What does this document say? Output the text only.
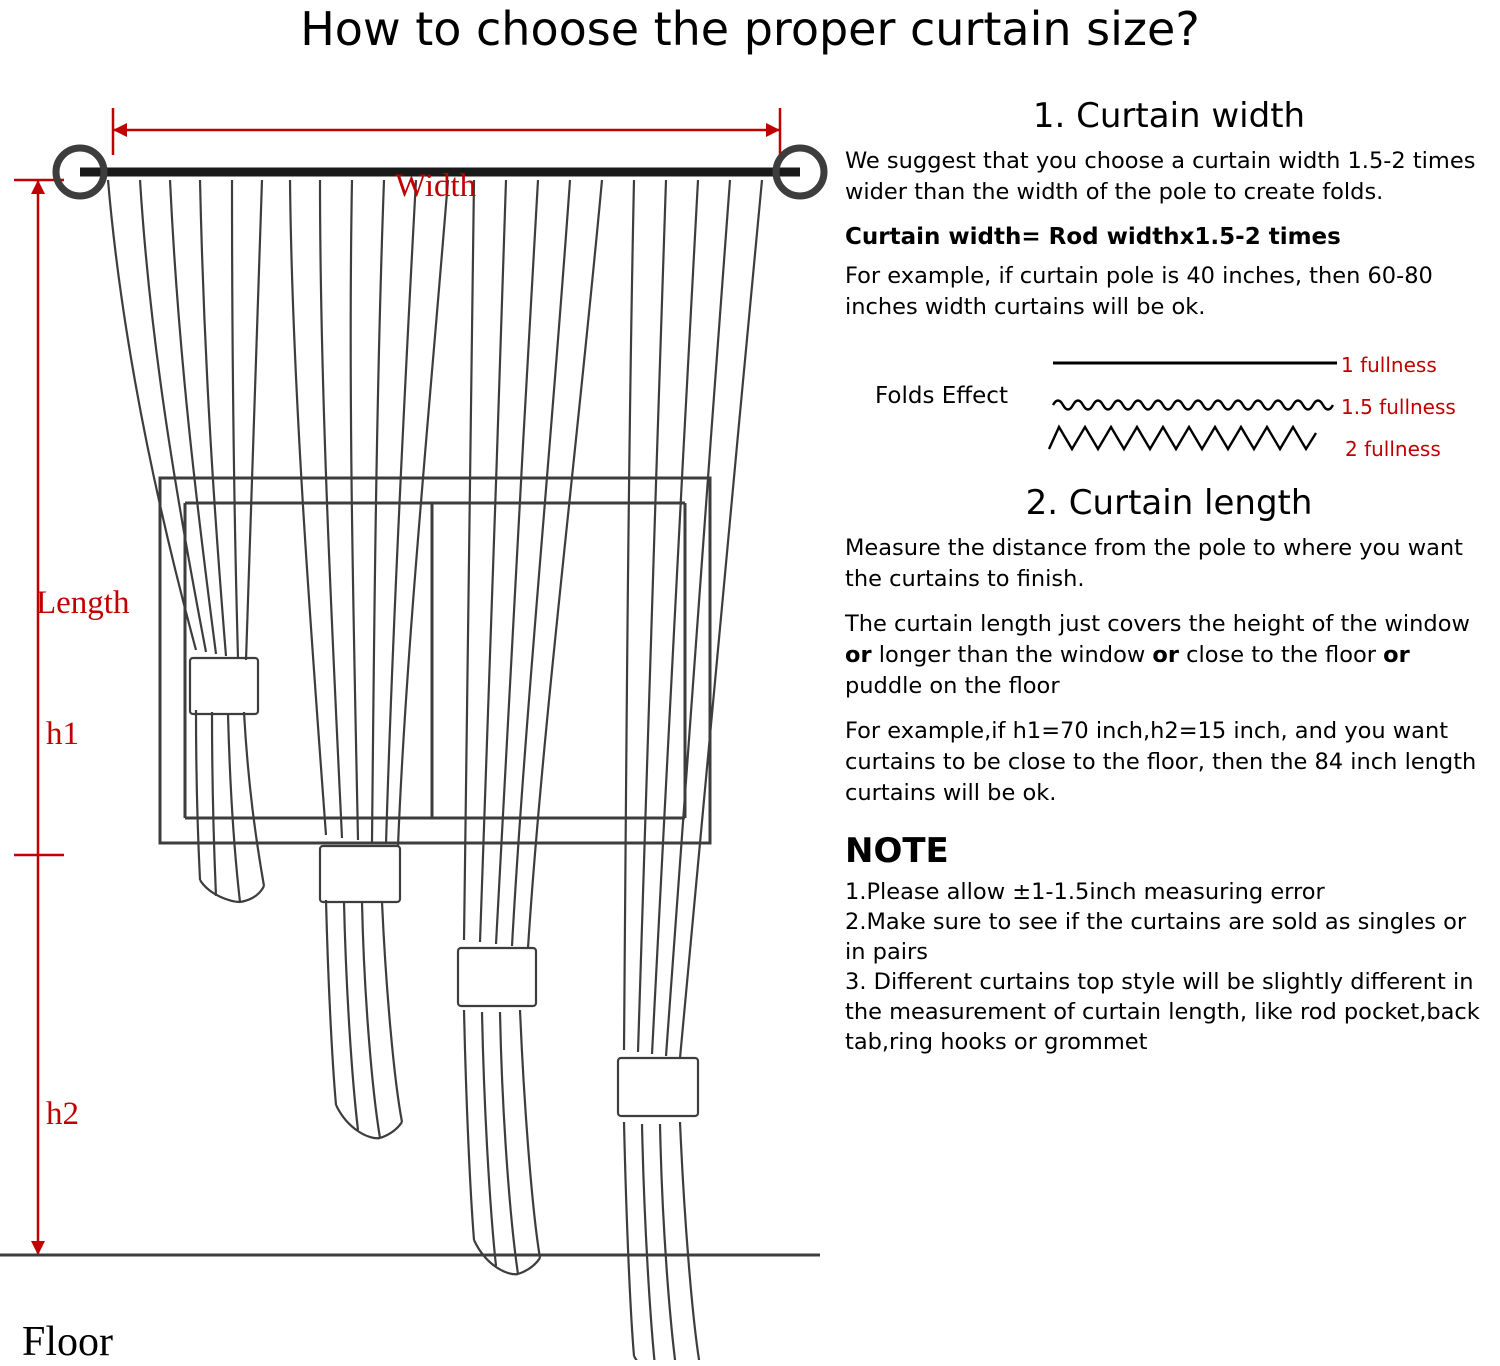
How to choose the proper curtain size?
Width
Length
h1
h2
Floor
1. Curtain width

We suggest that you choose a curtain width 1.5-2 times wider than the width of the pole to create folds.

Curtain width= Rod widthx1.5-2 times

For example, if curtain pole is 40 inches, then 60-80 inches width curtains will be ok.

Folds Effect
1 fullness
1.5 fullness
2 fullness
2. Curtain length

Measure the distance from the pole to where you want the curtains to finish.

The curtain length just covers the height of the window or longer than the window or close to the floor or puddle on the floor

For example,if h1=70 inch,h2=15 inch, and you want curtains to be close to the floor, then the 84 inch length curtains will be ok.

NOTE
1.Please allow ±1-1.5inch measuring error
2.Make sure to see if the curtains are sold as singles or in pairs
3. Different curtains top style will be slightly different in the measurement of curtain length, like rod pocket,back tab,ring hooks or grommet
